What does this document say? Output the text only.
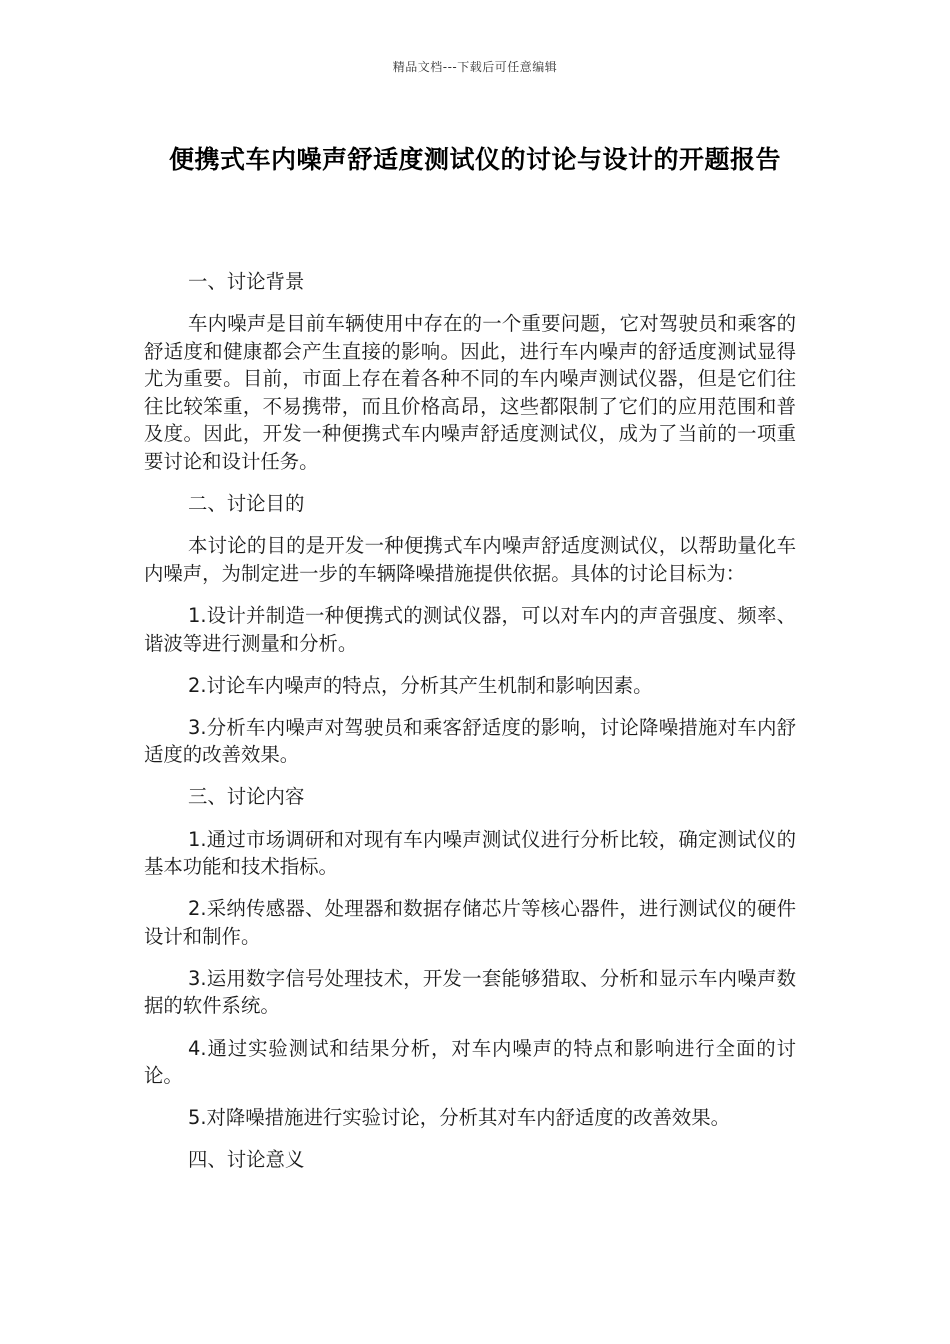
精品文档---下载后可任意编辑
便携式车内噪声舒适度测试仪的讨论与设计的开题报告

一、讨论背景

车内噪声是目前车辆使用中存在的一个重要问题，它对驾驶员和乘客的舒适度和健康都会产生直接的影响。因此，进行车内噪声的舒适度测试显得尤为重要。目前，市面上存在着各种不同的车内噪声测试仪器，但是它们往往比较笨重，不易携带，而且价格高昂，这些都限制了它们的应用范围和普及度。因此，开发一种便携式车内噪声舒适度测试仪，成为了当前的一项重要讨论和设计任务。

二、讨论目的

本讨论的目的是开发一种便携式车内噪声舒适度测试仪，以帮助量化车内噪声，为制定进一步的车辆降噪措施提供依据。具体的讨论目标为：

1.设计并制造一种便携式的测试仪器，可以对车内的声音强度、频率、谐波等进行测量和分析。

2.讨论车内噪声的特点，分析其产生机制和影响因素。

3.分析车内噪声对驾驶员和乘客舒适度的影响，讨论降噪措施对车内舒适度的改善效果。

三、讨论内容

1.通过市场调研和对现有车内噪声测试仪进行分析比较，确定测试仪的基本功能和技术指标。

2.采纳传感器、处理器和数据存储芯片等核心器件，进行测试仪的硬件设计和制作。

3.运用数字信号处理技术，开发一套能够猎取、分析和显示车内噪声数据的软件系统。

4.通过实验测试和结果分析，对车内噪声的特点和影响进行全面的讨论。

5.对降噪措施进行实验讨论，分析其对车内舒适度的改善效果。

四、讨论意义
